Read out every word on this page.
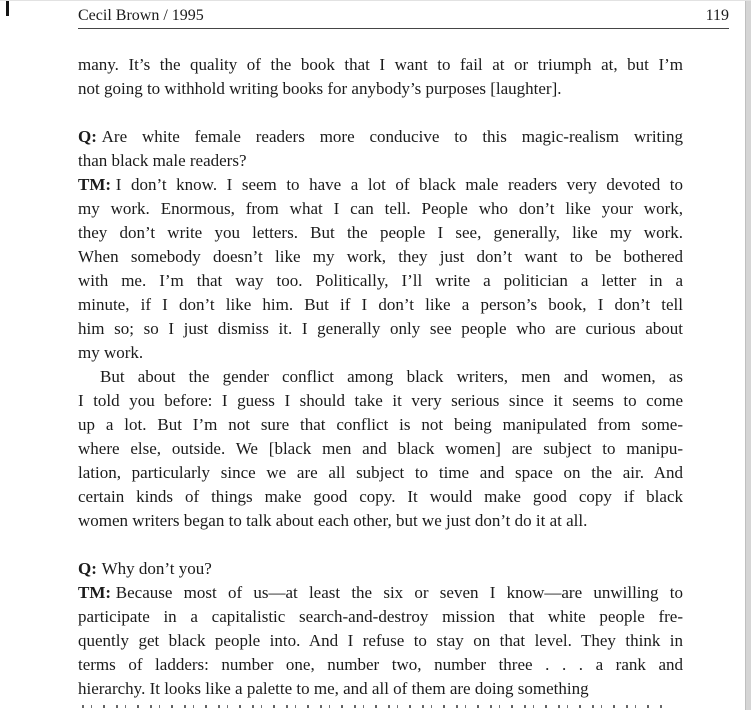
Cecil Brown / 1995	119
many. It’s the quality of the book that I want to fail at or triumph at, but I’m
not going to withhold writing books for anybody’s purposes [laughter].
Q: Are white female readers more conducive to this magic-realism writing
than black male readers?
TM: I don’t know. I seem to have a lot of black male readers very devoted to
my work. Enormous, from what I can tell. People who don’t like your work,
they don’t write you letters. But the people I see, generally, like my work.
When somebody doesn’t like my work, they just don’t want to be bothered
with me. I’m that way too. Politically, I’ll write a politician a letter in a
minute, if I don’t like him. But if I don’t like a person’s book, I don’t tell
him so; so I just dismiss it. I generally only see people who are curious about
my work.
But about the gender conflict among black writers, men and women, as
I told you before: I guess I should take it very serious since it seems to come
up a lot. But I’m not sure that conflict is not being manipulated from some-
where else, outside. We [black men and black women] are subject to manipu-
lation, particularly since we are all subject to time and space on the air. And
certain kinds of things make good copy. It would make good copy if black
women writers began to talk about each other, but we just don’t do it at all.
Q: Why don’t you?
TM: Because most of us—at least the six or seven I know—are unwilling to
participate in a capitalistic search-and-destroy mission that white people fre-
quently get black people into. And I refuse to stay on that level. They think in
terms of ladders: number one, number two, number three . . . a rank and
hierarchy. It looks like a palette to me, and all of them are doing something
